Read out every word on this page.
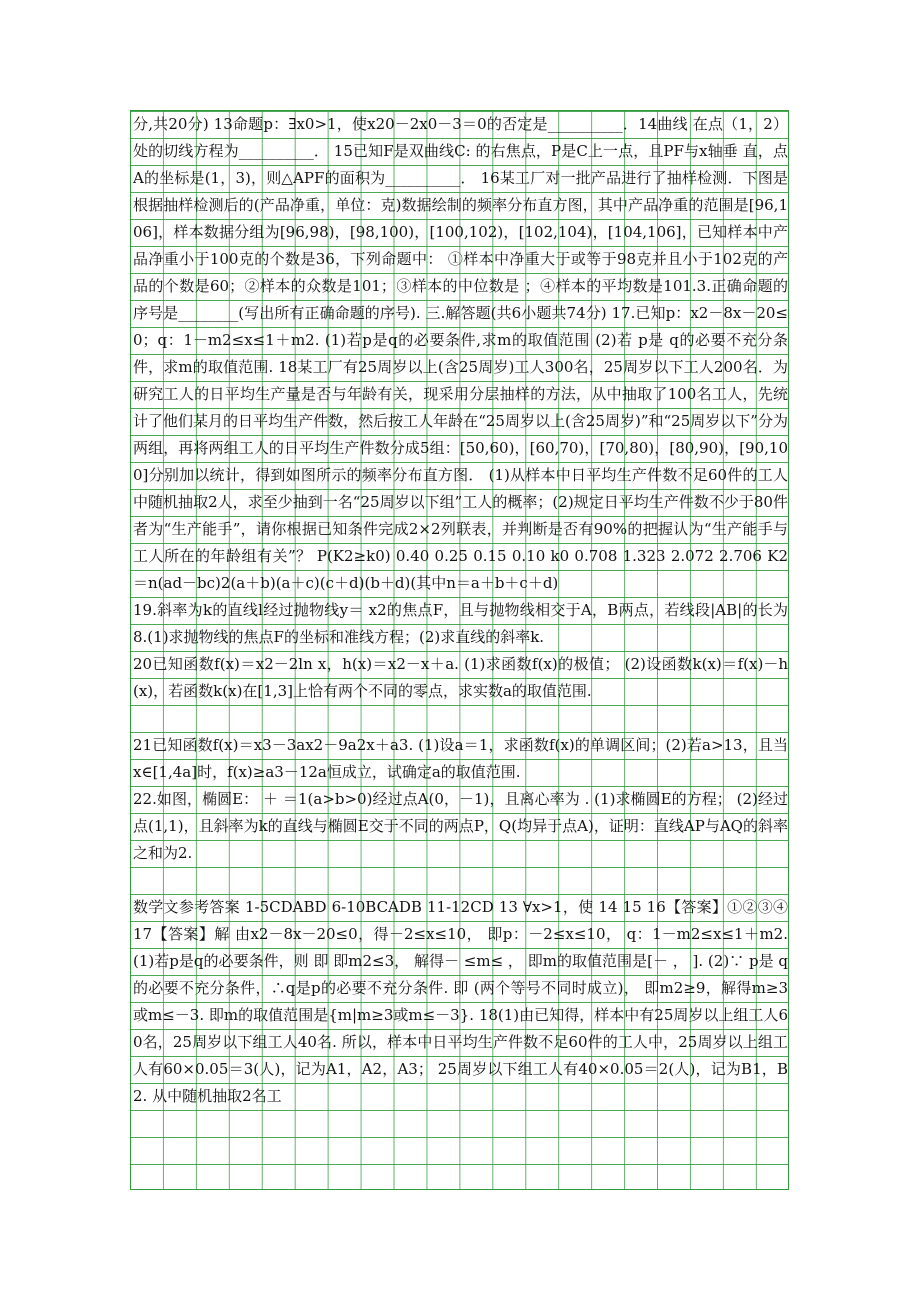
分,共20分) 13命题p：∃x0>1，使x20－2x0－3＝0的否定是__________．14曲线 在点（1，2）处的切线方程为__________． 15已知F是双曲线C: 的右焦点，P是C上一点，且PF与x轴垂 直，点A的坐标是(1，3)，则△APF的面积为__________． 16某工厂对一批产品进行了抽样检测．下图是根据抽样检测后的(产品净重，单位：克)数据绘制的频率分布直方图，其中产品净重的范围是[96,106]，样本数据分组为[96,98)，[98,100)，[100,102)，[102,104)，[104,106]，已知样本中产品净重小于100克的个数是36，下列命题中： ①样本中净重大于或等于98克并且小于102克的产品的个数是60；②样本的众数是101；③样本的中位数是 ；④样本的平均数是101.3.正确命题的序号是________(写出所有正确命题的序号). 三.解答题(共6小题共74分) 17.已知p：x2－8x－20≤0；q：1－m2≤x≤1＋m2. (1)若p是q的必要条件,求m的取值范围 (2)若 p是 q的必要不充分条件，求m的取值范围. 18某工厂有25周岁以上(含25周岁)工人300名，25周岁以下工人200名．为研究工人的日平均生产量是否与年龄有关，现采用分层抽样的方法，从中抽取了100名工人，先统计了他们某月的日平均生产件数，然后按工人年龄在“25周岁以上(含25周岁)”和“25周岁以下”分为两组，再将两组工人的日平均生产件数分成5组：[50,60)，[60,70)，[70,80)，[80,90)，[90,100]分别加以统计，得到如图所示的频率分布直方图． (1)从样本中日平均生产件数不足60件的工人中随机抽取2人，求至少抽到一名“25周岁以下组”工人的概率；(2)规定日平均生产件数不少于80件者为“生产能手”，请你根据已知条件完成2×2列联表，并判断是否有90%的把握认为“生产能手与工人所在的年龄组有关”？ P(K2≥k0) 0.40 0.25 0.15 0.10 k0 0.708 1.323 2.072 2.706 K2＝n(ad－bc)2(a＋b)(a＋c)(c＋d)(b＋d)(其中n＝a＋b＋c＋d)

19.斜率为k的直线l经过抛物线y＝ x2的焦点F，且与抛物线相交于A，B两点，若线段|AB|的长为8.(1)求抛物线的焦点F的坐标和准线方程；(2)求直线的斜率k.

20已知函数f(x)＝x2－2ln x，h(x)＝x2－x＋a. (1)求函数f(x)的极值； (2)设函数k(x)＝f(x)－h(x)，若函数k(x)在[1,3]上恰有两个不同的零点，求实数a的取值范围.

21已知函数f(x)＝x3－3ax2－9a2x＋a3. (1)设a＝1，求函数f(x)的单调区间；(2)若a>13，且当x∈[1,4a]时，f(x)≥a3－12a恒成立，试确定a的取值范围.

22.如图，椭圆E： ＋ ＝1(a>b>0)经过点A(0，－1)，且离心率为 . (1)求椭圆E的方程； (2)经过点(1,1)，且斜率为k的直线与椭圆E交于不同的两点P，Q(均异于点A)，证明：直线AP与AQ的斜率之和为2.

数学文参考答案 1-5CDABD 6-10BCADB 11-12CD 13 ∀x>1，使 14 15 16【答案】①②③④ 17【答案】解 由x2－8x－20≤0，得－2≤x≤10， 即p：－2≤x≤10， q：1－m2≤x≤1＋m2. (1)若p是q的必要条件，则 即 即m2≤3， 解得－ ≤m≤ ， 即m的取值范围是[－ ， ]. (2)∵ p是 q的必要不充分条件，∴q是p的必要不充分条件. 即 (两个等号不同时成立)， 即m2≥9，解得m≥3或m≤－3. 即m的取值范围是{m|m≥3或m≤－3}. 18(1)由已知得，样本中有25周岁以上组工人60名，25周岁以下组工人40名. 所以，样本中日平均生产件数不足60件的工人中，25周岁以上组工人有60×0.05＝3(人)，记为A1，A2，A3； 25周岁以下组工人有40×0.05＝2(人)，记为B1，B2. 从中随机抽取2名工
